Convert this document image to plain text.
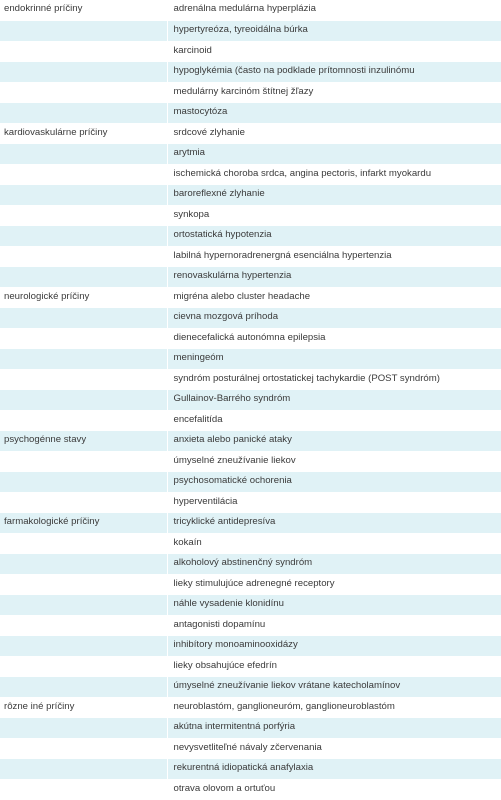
endokrinné príčiny	adrenálna medulárna hyperplázia
	hypertyreóza, tyreoidálna búrka
	karcinoid
	hypoglykémia (často na podklade prítomnosti inzulinómu
	medulárny karcinóm štítnej žľazy
	mastocytóza
kardiovaskulárne príčiny	srdcové zlyhanie
	arytmia
	ischemická choroba srdca, angina pectoris, infarkt myokardu
	baroreflexné zlyhanie
	synkopa
	ortostatická hypotenzia
	labilná hypernoradrenergná esenciálna hypertenzia
	renovaskulárna hypertenzia
neurologické príčiny	migréna alebo cluster headache
	cievna mozgová príhoda
	dienecefalická autonómna epilepsia
	meningeóm
	syndróm posturálnej ortostatickej tachykardie (POST syndróm)
	Gullainov-Barrého syndróm
	encefalitída
psychogénne stavy	anxieta alebo panické ataky
	úmyselné zneužívanie liekov
	psychosomatické ochorenia
	hyperventilácia
farmakologické príčiny	tricyklické antidepresíva
	kokaín
	alkoholový abstinenčný syndróm
	lieky stimulujúce adrenegné receptory
	náhle vysadenie klonidínu
	antagonisti dopamínu
	inhibítory monoaminooxidázy
	lieky obsahujúce efedrín
	úmyselné zneužívanie liekov vrátane katecholamínov
rôzne iné príčiny	neuroblastóm, ganglioneuróm, ganglioneuroblastóm
	akútna intermitentná porfýria
	nevysvetliteľné návaly zčervenania
	rekurentná idiopatická anafylaxia
	otrava olovom a ortuťou
